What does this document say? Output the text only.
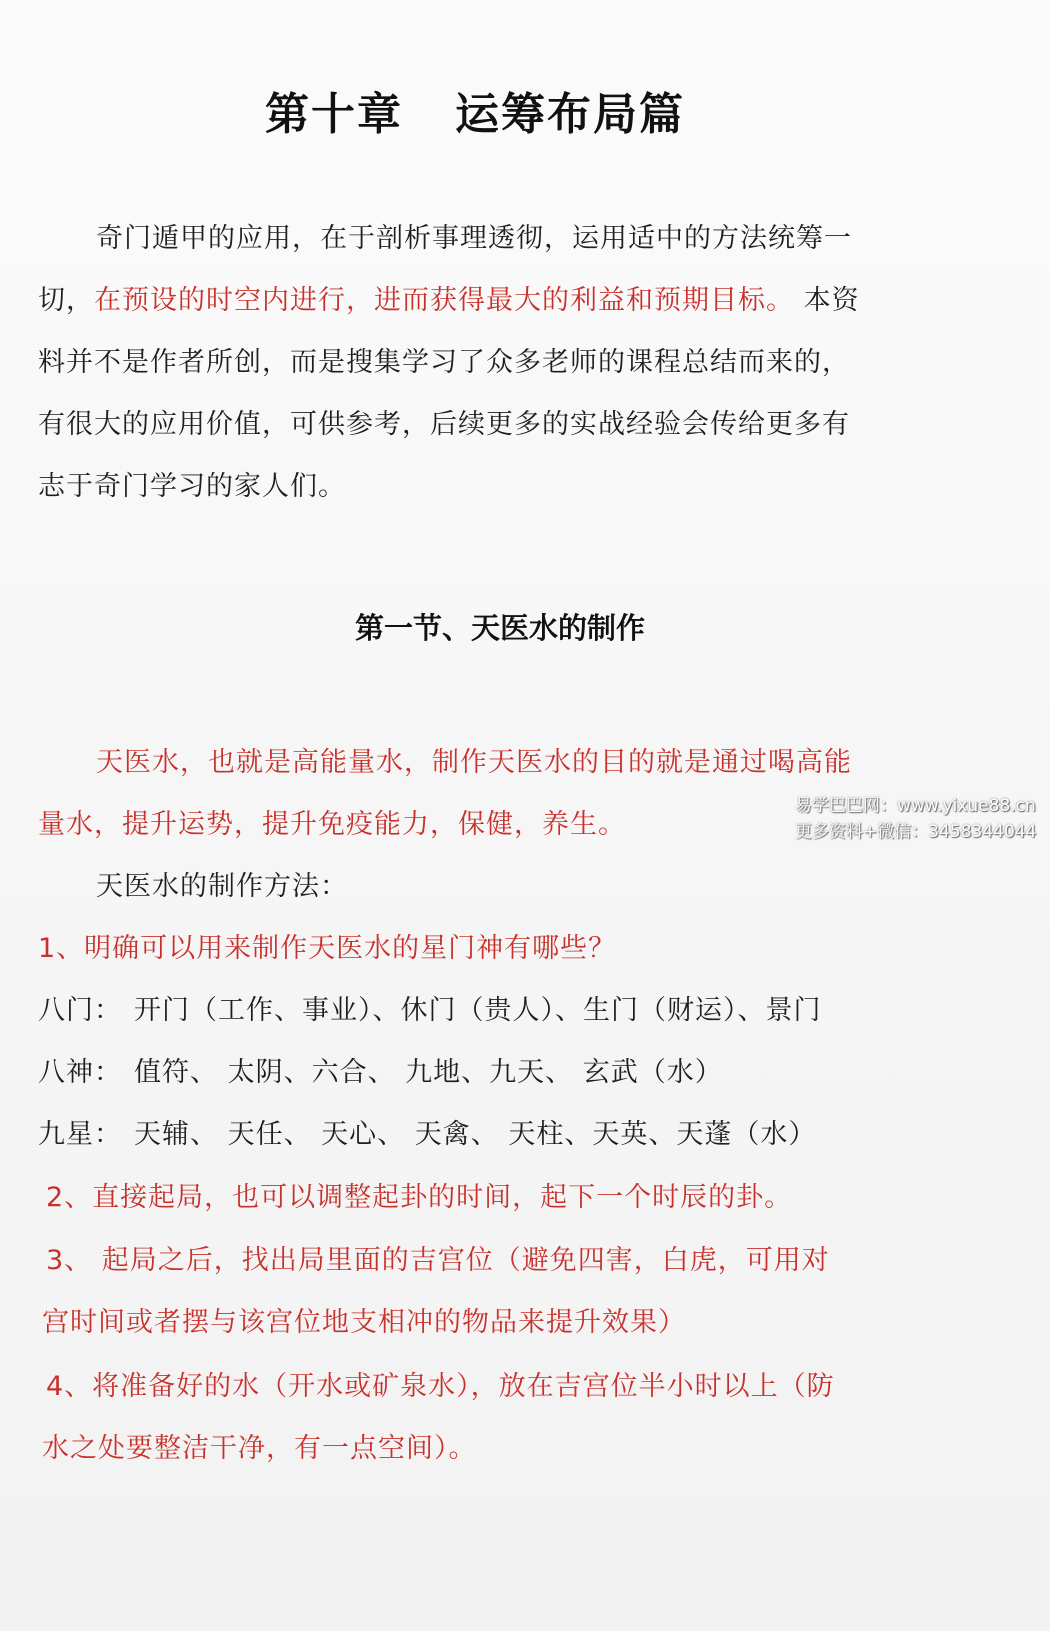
第十章 运筹布局篇
奇门遁甲的应用，在于剖析事理透彻，运用适中的方法统筹一
切，在预设的时空内进行，进而获得最大的利益和预期目标。 本资
料并不是作者所创，而是搜集学习了众多老师的课程总结而来的，
有很大的应用价值，可供参考，后续更多的实战经验会传给更多有
志于奇门学习的家人们。
第一节、天医水的制作
天医水，也就是高能量水，制作天医水的目的就是通过喝高能
量水，提升运势，提升免疫能力，保健，养生。
天医水的制作方法：
1、明确可以用来制作天医水的星门神有哪些？
八门： 开门（工作、事业）、休门（贵人）、生门（财运）、景门
八神： 值符、 太阴、六合、 九地、九天、 玄武（水）
九星： 天辅、 天任、 天心、 天禽、 天柱、天英、天蓬（水）
2、直接起局，也可以调整起卦的时间，起下一个时辰的卦。
3、 起局之后，找出局里面的吉宫位（避免四害，白虎，可用对
宫时间或者摆与该宫位地支相冲的物品来提升效果）
4、将准备好的水（开水或矿泉水），放在吉宫位半小时以上（防
水之处要整洁干净，有一点空间）。
易学巴巴网：www.yixue88.cn
更多资料+微信：3458344044
